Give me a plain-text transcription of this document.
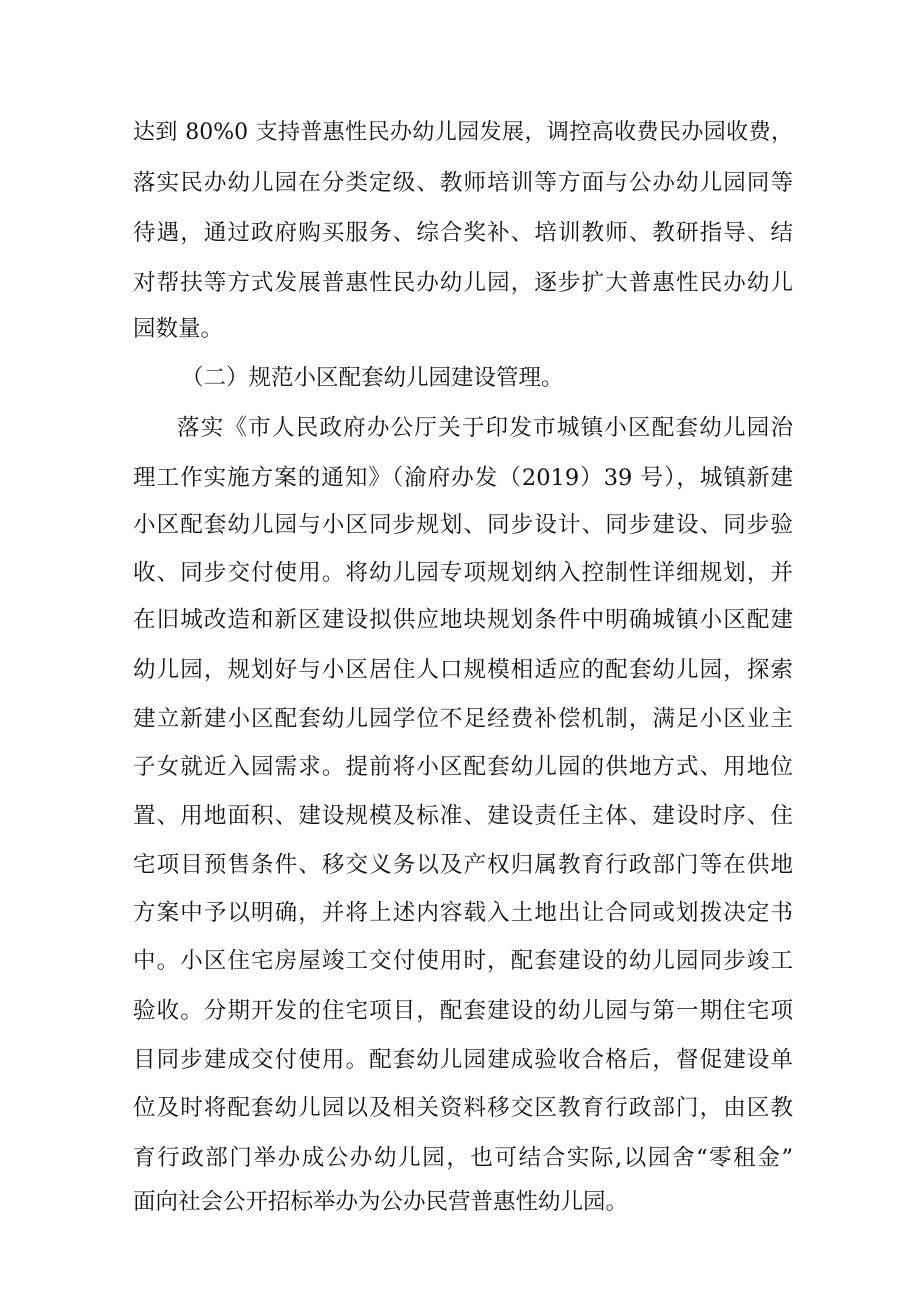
达到 80%0 支持普惠性民办幼儿园发展，调控高收费民办园收费，
落实民办幼儿园在分类定级、教师培训等方面与公办幼儿园同等
待遇，通过政府购买服务、综合奖补、培训教师、教研指导、结
对帮扶等方式发展普惠性民办幼儿园，逐步扩大普惠性民办幼儿
园数量。
（二）规范小区配套幼儿园建设管理。
落实《市人民政府办公厅关于印发市城镇小区配套幼儿园治
理工作实施方案的通知》（渝府办发（2019）39 号），城镇新建
小区配套幼儿园与小区同步规划、同步设计、同步建设、同步验
收、同步交付使用。将幼儿园专项规划纳入控制性详细规划，并
在旧城改造和新区建设拟供应地块规划条件中明确城镇小区配建
幼儿园，规划好与小区居住人口规模相适应的配套幼儿园，探索
建立新建小区配套幼儿园学位不足经费补偿机制，满足小区业主
子女就近入园需求。提前将小区配套幼儿园的供地方式、用地位
置、用地面积、建设规模及标准、建设责任主体、建设时序、住
宅项目预售条件、移交义务以及产权归属教育行政部门等在供地
方案中予以明确，并将上述内容载入土地出让合同或划拨决定书
中。小区住宅房屋竣工交付使用时，配套建设的幼儿园同步竣工
验收。分期开发的住宅项目，配套建设的幼儿园与第一期住宅项
目同步建成交付使用。配套幼儿园建成验收合格后，督促建设单
位及时将配套幼儿园以及相关资料移交区教育行政部门，由区教
育行政部门举办成公办幼儿园，也可结合实际,以园舍“零租金”
面向社会公开招标举办为公办民营普惠性幼儿园。
